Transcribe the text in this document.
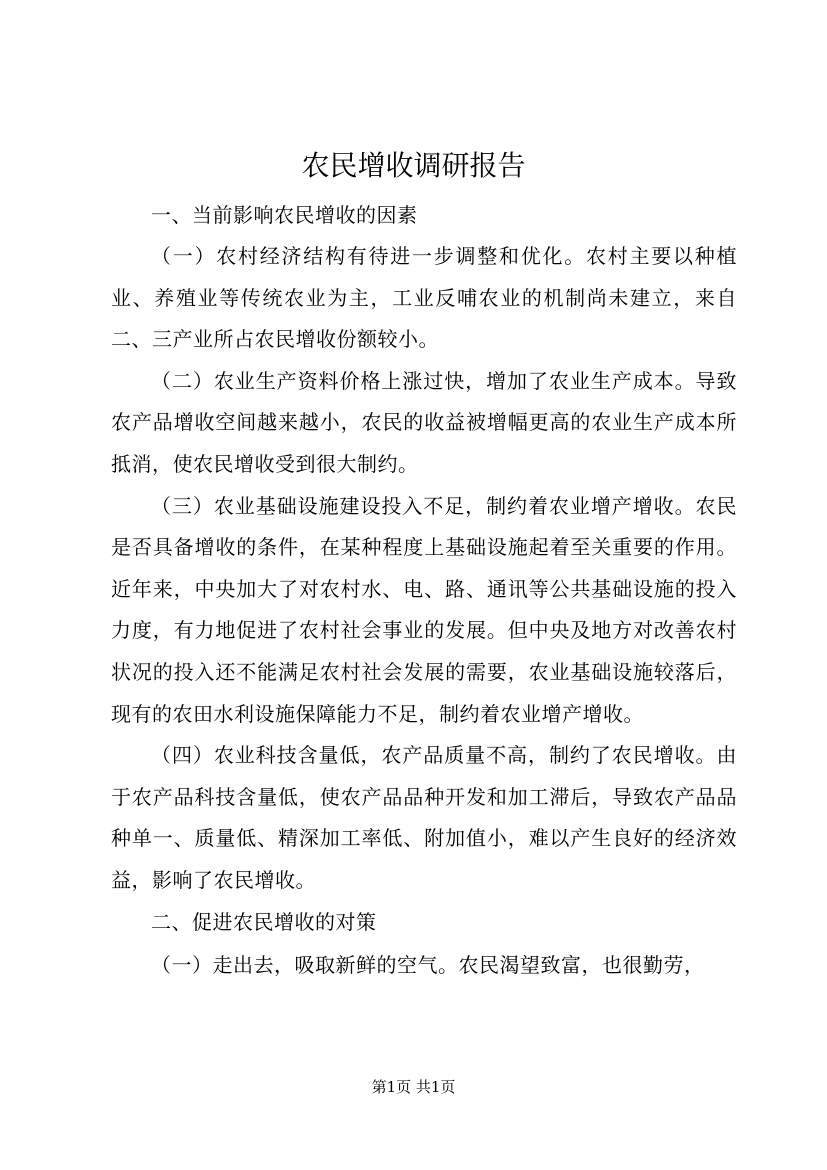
农民增收调研报告

一、当前影响农民增收的因素

（一）农村经济结构有待进一步调整和优化。农村主要以种植业、养殖业等传统农业为主，工业反哺农业的机制尚未建立，来自二、三产业所占农民增收份额较小。

（二）农业生产资料价格上涨过快，增加了农业生产成本。导致农产品增收空间越来越小，农民的收益被增幅更高的农业生产成本所抵消，使农民增收受到很大制约。

（三）农业基础设施建设投入不足，制约着农业增产增收。农民是否具备增收的条件，在某种程度上基础设施起着至关重要的作用。近年来，中央加大了对农村水、电、路、通讯等公共基础设施的投入力度，有力地促进了农村社会事业的发展。但中央及地方对改善农村状况的投入还不能满足农村社会发展的需要，农业基础设施较落后，现有的农田水利设施保障能力不足，制约着农业增产增收。

（四）农业科技含量低，农产品质量不高，制约了农民增收。由于农产品科技含量低，使农产品品种开发和加工滞后，导致农产品品种单一、质量低、精深加工率低、附加值小，难以产生良好的经济效益，影响了农民增收。

二、促进农民增收的对策

（一）走出去，吸取新鲜的空气。农民渴望致富，也很勤劳，

第1页 共1页
